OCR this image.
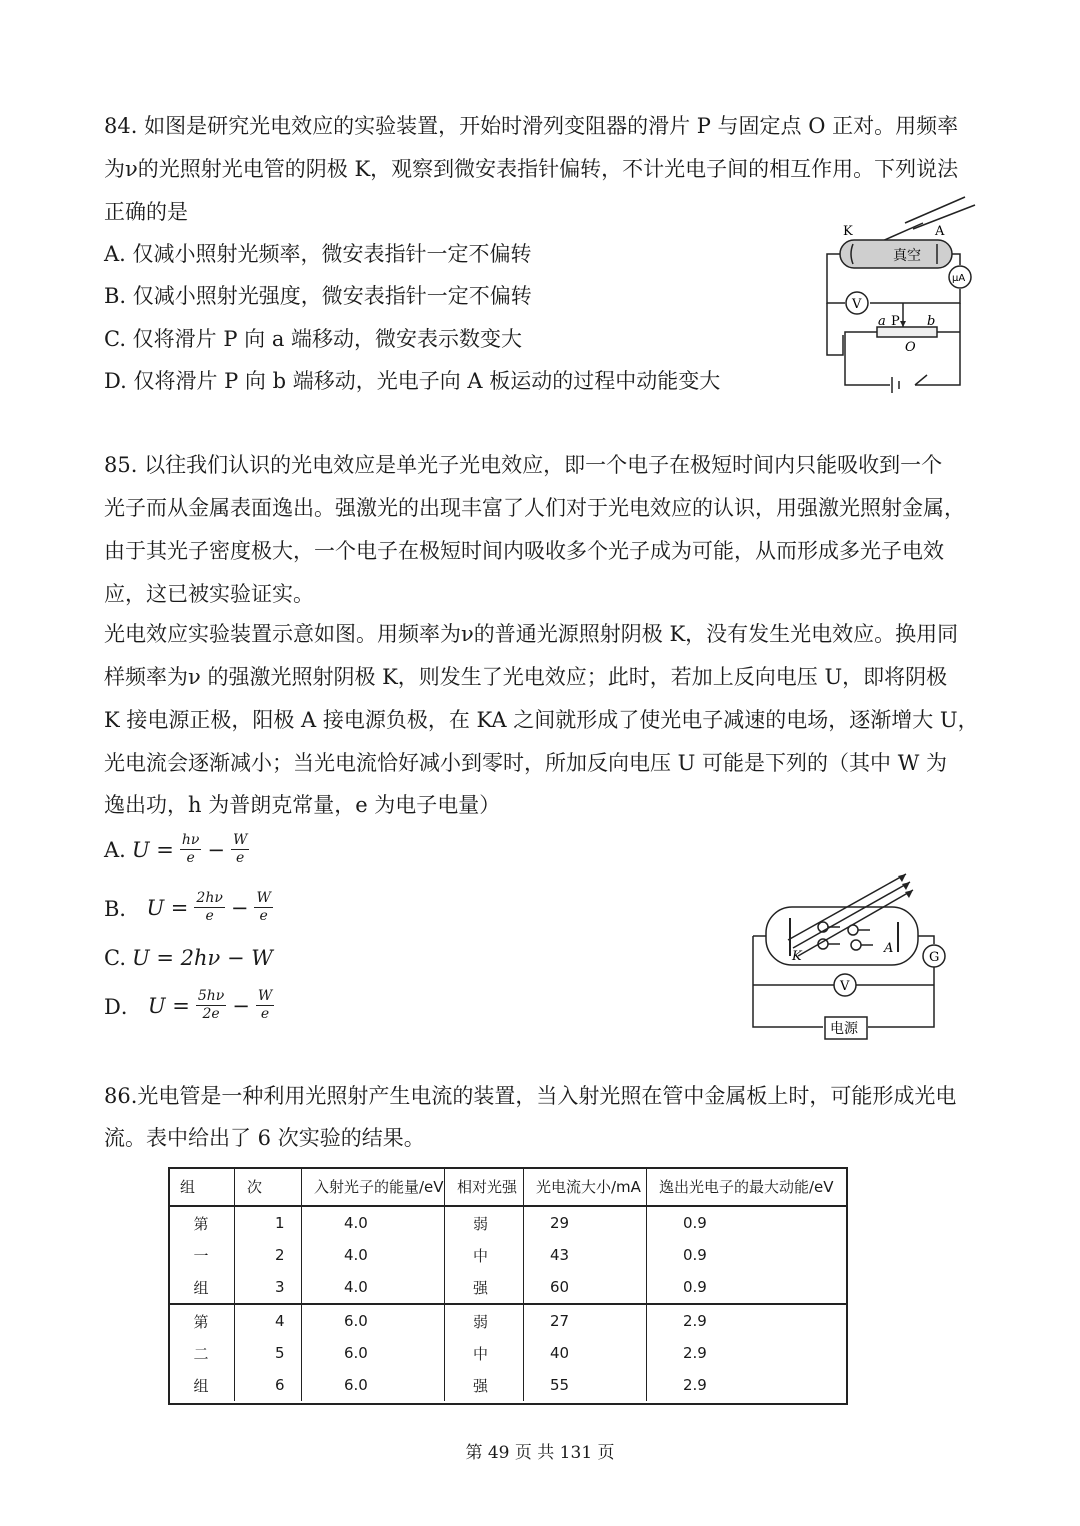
84. 如图是研究光电效应的实验装置，开始时滑列变阻器的滑片 P 与固定点 O 正对。用频率
为ν的光照射光电管的阴极 K，观察到微安表指针偏转，不计光电子间的相互作用。下列说法
正确的是
A. 仅减小照射光频率，微安表指针一定不偏转
B. 仅减小照射光强度，微安表指针一定不偏转
C. 仅将滑片 P 向 a 端移动，微安表示数变大
D. 仅将滑片 P 向 b 端移动，光电子向 A 板运动的过程中动能变大
K	A
真空
μA
V
a P b
O
85. 以往我们认识的光电效应是单光子光电效应，即一个电子在极短时间内只能吸收到一个
光子而从金属表面逸出。强激光的出现丰富了人们对于光电效应的认识，用强激光照射金属，
由于其光子密度极大，一个电子在极短时间内吸收多个光子成为可能，从而形成多光子电效
应，这已被实验证实。
光电效应实验装置示意如图。用频率为ν的普通光源照射阴极 K，没有发生光电效应。换用同
样频率为ν 的强激光照射阴极 K，则发生了光电效应；此时，若加上反向电压 U，即将阴极
K 接电源正极，阳极 A 接电源负极，在 KA 之间就形成了使光电子减速的电场，逐渐增大 U，
光电流会逐渐减小；当光电流恰好减小到零时，所加反向电压 U 可能是下列的（其中 W 为
逸出功，h 为普朗克常量，e 为电子电量）
A. $U = \frac{h\nu}{e} - \frac{W}{e}$
B． $U = \frac{2h\nu}{e} - \frac{W}{e}$
C. U = 2hν − W
D． $U = \frac{5h\nu}{2e} - \frac{W}{e}$
K
A
G
V
电源
86.光电管是一种利用光照射产生电流的装置，当入射光照在管中金属板上时，可能形成光电
流。表中给出了 6 次实验的结果。
组	次	入射光子的能量/eV	相对光强	光电流大小/mA	逸出光电子的最大动能/eV
第	1	4.0	弱	29	0.9
一	2	4.0	中	43	0.9
组	3	4.0	强	60	0.9
第	4	6.0	弱	27	2.9
二	5	6.0	中	40	2.9
组	6	6.0	强	55	2.9
第 49 页 共 131 页
